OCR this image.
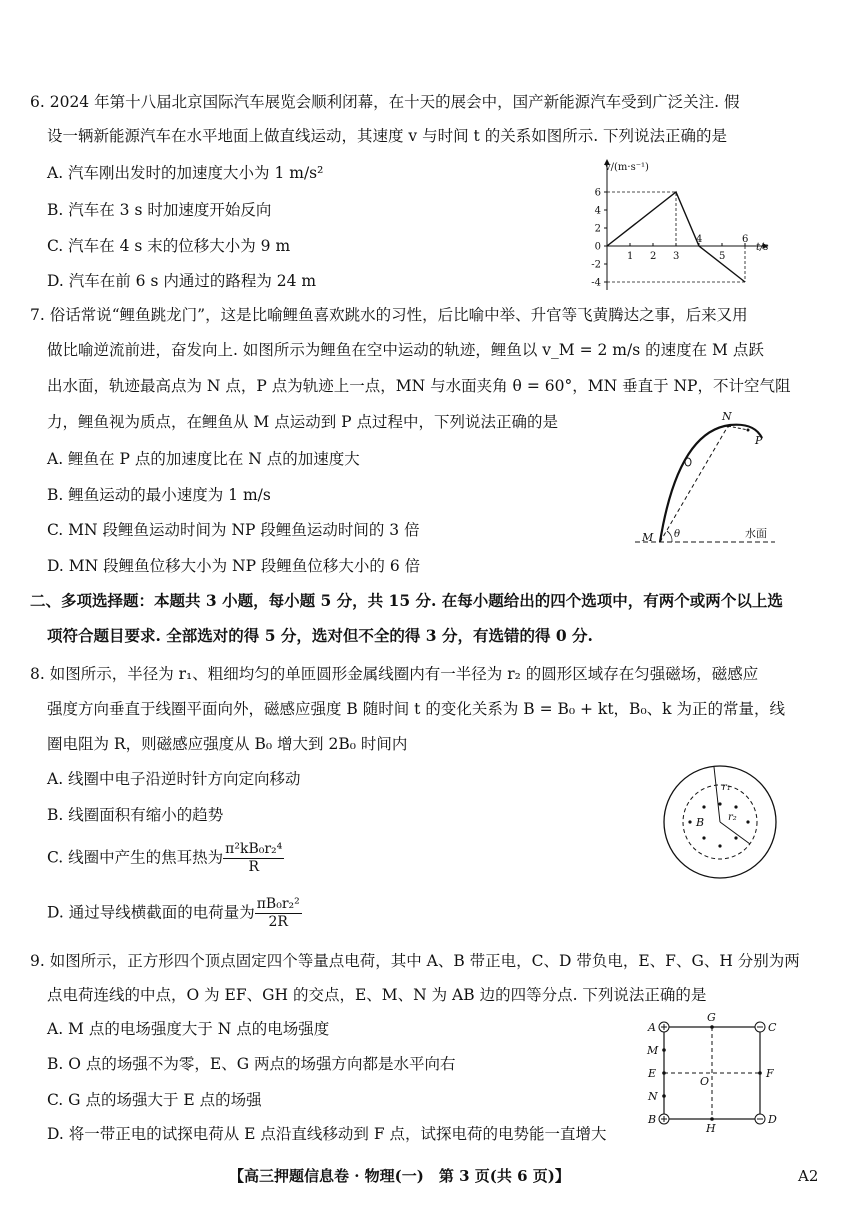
6. 2024 年第十八届北京国际汽车展览会顺利闭幕，在十天的展会中，国产新能源汽车受到广泛关注. 假
设一辆新能源汽车在水平地面上做直线运动，其速度 v 与时间 t 的关系如图所示. 下列说法正确的是
A. 汽车刚出发时的加速度大小为 1 m/s²
B. 汽车在 3 s 时加速度开始反向
C. 汽车在 4 s 末的位移大小为 9 m
D. 汽车在前 6 s 内通过的路程为 24 m
6
4
2
0
-2
-4
1 2 3
4
5
6
v/(m·s⁻¹)
t/s
7. 俗话常说“鲤鱼跳龙门”，这是比喻鲤鱼喜欢跳水的习性，后比喻中举、升官等飞黄腾达之事，后来又用
做比喻逆流前进，奋发向上. 如图所示为鲤鱼在空中运动的轨迹，鲤鱼以 v_M = 2 m/s 的速度在 M 点跃
出水面，轨迹最高点为 N 点，P 点为轨迹上一点，MN 与水面夹角 θ = 60°，MN 垂直于 NP，不计空气阻
力，鲤鱼视为质点，在鲤鱼从 M 点运动到 P 点过程中，下列说法正确的是
A. 鲤鱼在 P 点的加速度比在 N 点的加速度大
B. 鲤鱼运动的最小速度为 1 m/s
C. MN 段鲤鱼运动时间为 NP 段鲤鱼运动时间的 3 倍
D. MN 段鲤鱼位移大小为 NP 段鲤鱼位移大小的 6 倍
N
P
M θ	水面
二、多项选择题：本题共 3 小题，每小题 5 分，共 15 分. 在每小题给出的四个选项中，有两个或两个以上选
项符合题目要求. 全部选对的得 5 分，选对但不全的得 3 分，有选错的得 0 分.
8. 如图所示，半径为 r₁、粗细均匀的单匝圆形金属线圈内有一半径为 r₂ 的圆形区域存在匀强磁场，磁感应
强度方向垂直于线圈平面向外，磁感应强度 B 随时间 t 的变化关系为 B = B₀ + kt，B₀、k 为正的常量，线
圈电阻为 R，则磁感应强度从 B₀ 增大到 2B₀ 时间内
A. 线圈中电子沿逆时针方向定向移动
B. 线圈面积有缩小的趋势
C. 线圈中产生的焦耳热为 $\frac{\text{π²kB₀r₂⁴}}{R}$
D. 通过导线横截面的电荷量为 $\frac{\text{πB₀r₂²}}{2R}$
r₁
r₂
B
9. 如图所示，正方形四个顶点固定四个等量点电荷，其中 A、B 带正电，C、D 带负电，E、F、G、H 分别为两
点电荷连线的中点，O 为 EF、GH 的交点，E、M、N 为 AB 边的四等分点. 下列说法正确的是
A. M 点的电场强度大于 N 点的电场强度
B. O 点的场强不为零，E、G 两点的场强方向都是水平向右
C. G 点的场强大于 E 点的场强
D. 将一带正电的试探电荷从 E 点沿直线移动到 F 点，试探电荷的电势能一直增大
A
M
E
N
B
C
F
D
G
H
O
【高三押题信息卷 · 物理(一)　第 3 页(共 6 页)】	A2
